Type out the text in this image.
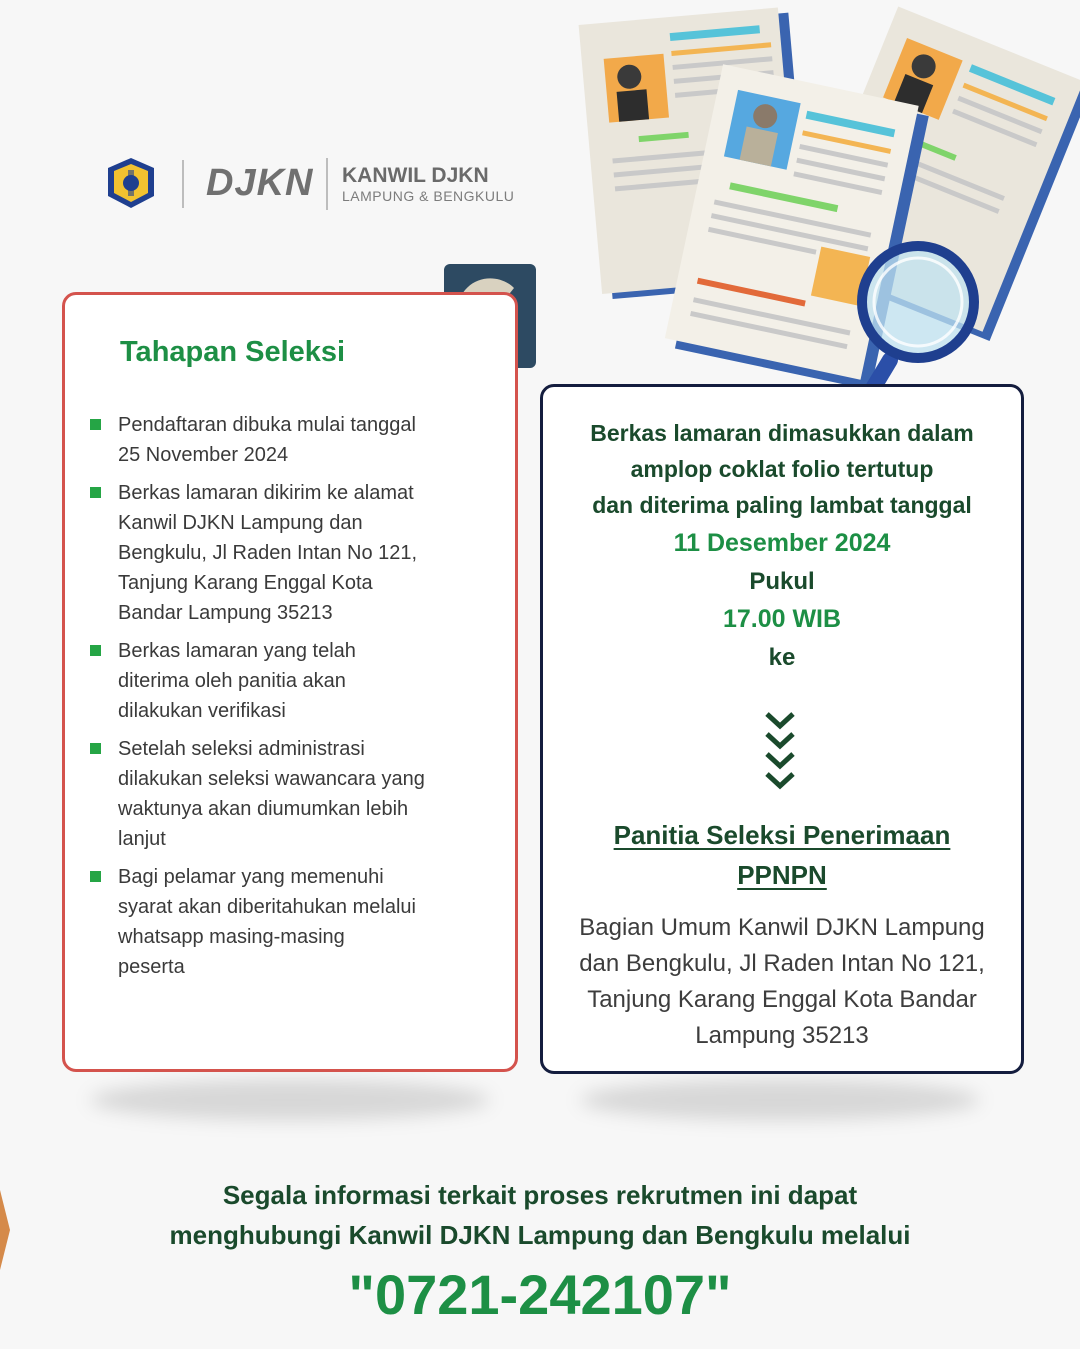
DJKN KANWIL DJKN
LAMPUNG & BENGKULU
Tahapan Seleksi
Pendaftaran dibuka mulai tanggal
25 November 2024
Berkas lamaran dikirim ke alamat
Kanwil DJKN Lampung dan
Bengkulu, Jl Raden Intan No 121,
Tanjung Karang Enggal Kota
Bandar Lampung 35213
Berkas lamaran yang telah
diterima oleh panitia akan
dilakukan verifikasi
Setelah seleksi administrasi
dilakukan seleksi wawancara yang
waktunya akan diumumkan lebih
lanjut
Bagi pelamar yang memenuhi
syarat akan diberitahukan melalui
whatsapp masing-masing
peserta
Berkas lamaran dimasukkan dalam
amplop coklat folio tertutup
dan diterima paling lambat tanggal
11 Desember 2024
Pukul
17.00 WIB
ke
Panitia Seleksi Penerimaan
PPNPN
Bagian Umum Kanwil DJKN Lampung
dan Bengkulu, Jl Raden Intan No 121,
Tanjung Karang Enggal Kota Bandar
Lampung 35213
Segala informasi terkait proses rekrutmen ini dapat
menghubungi Kanwil DJKN Lampung dan Bengkulu melalui
"0721-242107"
